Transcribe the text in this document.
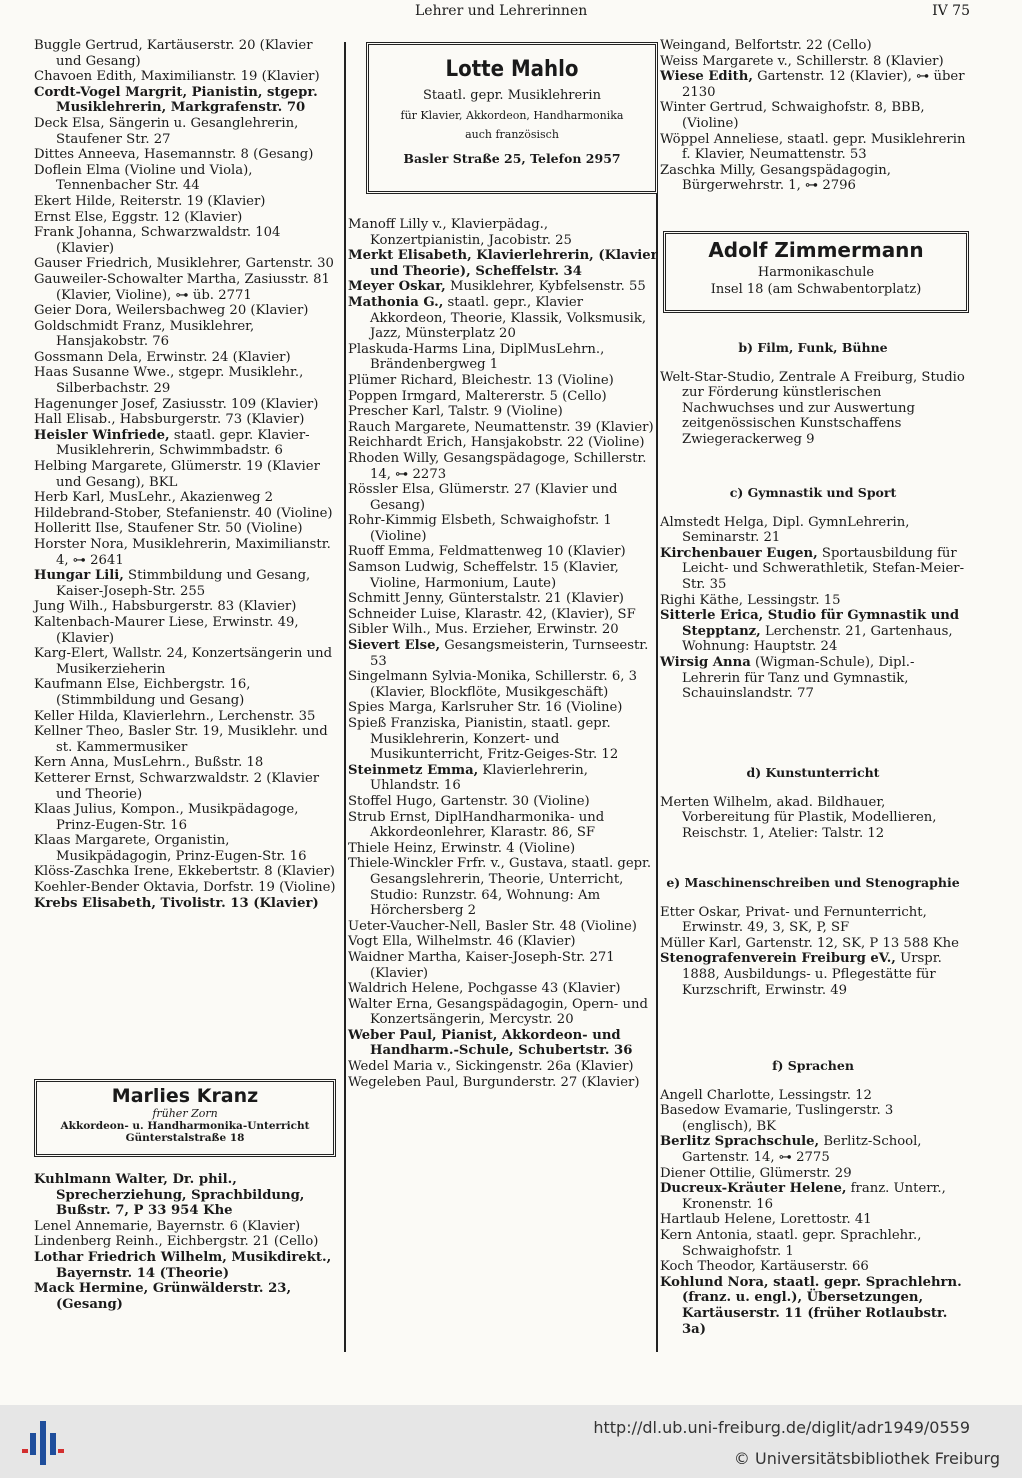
Lehrer und Lehrerinnen	IV 75
Buggle Gertrud, Kartäuserstr. 20 (Klavier und Gesang)
Chavoen Edith, Maximilianstr. 19 (Klavier)
Cordt-Vogel Margrit, Pianistin, stgepr. Musiklehrerin, Markgrafenstr. 70
Deck Elsa, Sängerin u. Gesanglehrerin, Staufener Str. 27
Dittes Anneeva, Hasemannstr. 8 (Gesang)
Doflein Elma (Violine und Viola), Tennenbacher Str. 44
Ekert Hilde, Reiterstr. 19 (Klavier)
Ernst Else, Eggstr. 12 (Klavier)
Frank Johanna, Schwarzwaldstr. 104 (Klavier)
Gauser Friedrich, Musiklehrer, Gartenstr. 30
Gauweiler-Schowalter Martha, Zasiusstr. 81 (Klavier, Violine), ⊶ üb. 2771
Geier Dora, Weilersbachweg 20 (Klavier)
Goldschmidt Franz, Musiklehrer, Hansjakobstr. 76
Gossmann Dela, Erwinstr. 24 (Klavier)
Haas Susanne Wwe., stgepr. Musiklehr., Silberbachstr. 29
Hagenunger Josef, Zasiusstr. 109 (Klavier)
Hall Elisab., Habsburgerstr. 73 (Klavier)
Heisler Winfriede, staatl. gepr. Klavier-Musiklehrerin, Schwimmbadstr. 6
Helbing Margarete, Glümerstr. 19 (Klavier und Gesang), BKL
Herb Karl, MusLehr., Akazienweg 2
Hildebrand-Stober, Stefanienstr. 40 (Violine)
Holleritt Ilse, Staufener Str. 50 (Violine)
Horster Nora, Musiklehrerin, Maximilianstr. 4, ⊶ 2641
Hungar Lili, Stimmbildung und Gesang, Kaiser-Joseph-Str. 255
Jung Wilh., Habsburgerstr. 83 (Klavier)
Kaltenbach-Maurer Liese, Erwinstr. 49, (Klavier)
Karg-Elert, Wallstr. 24, Konzertsängerin und Musikerzieherin
Kaufmann Else, Eichbergstr. 16, (Stimmbildung und Gesang)
Keller Hilda, Klavierlehrn., Lerchenstr. 35
Kellner Theo, Basler Str. 19, Musiklehr. und st. Kammermusiker
Kern Anna, MusLehrn., Bußstr. 18
Ketterer Ernst, Schwarzwaldstr. 2 (Klavier und Theorie)
Klaas Julius, Kompon., Musikpädagoge, Prinz-Eugen-Str. 16
Klaas Margarete, Organistin, Musikpädagogin, Prinz-Eugen-Str. 16
Klöss-Zaschka Irene, Ekkebertstr. 8 (Klavier)
Koehler-Bender Oktavia, Dorfstr. 19 (Violine)
Krebs Elisabeth, Tivolistr. 13 (Klavier)
Kuhlmann Walter, Dr. phil., Sprecherziehung, Sprachbildung, Bußstr. 7, P 33 954 Khe
Lenel Annemarie, Bayernstr. 6 (Klavier)
Lindenberg Reinh., Eichbergstr. 21 (Cello)
Lothar Friedrich Wilhelm, Musikdirekt., Bayernstr. 14 (Theorie)
Mack Hermine, Grünwälderstr. 23, (Gesang)
Marlies Kranz
früher Zorn
Akkordeon- u. Handharmonika-Unterricht
Günterstalstraße 18
Lotte Mahlo
Staatl. gepr. Musiklehrerin
für Klavier, Akkordeon, Handharmonika
auch französisch
Basler Straße 25, Telefon 2957
Manoff Lilly v., Klavierpädag., Konzertpianistin, Jacobistr. 25
Merkt Elisabeth, Klavierlehrerin, (Klavier und Theorie), Scheffelstr. 34
Meyer Oskar, Musiklehrer, Kybfelsenstr. 55
Mathonia G., staatl. gepr., Klavier Akkordeon, Theorie, Klassik, Volksmusik, Jazz, Münsterplatz 20
Plaskuda-Harms Lina, DiplMusLehrn., Brändenbergweg 1
Plümer Richard, Bleichestr. 13 (Violine)
Poppen Irmgard, Maltererstr. 5 (Cello)
Prescher Karl, Talstr. 9 (Violine)
Rauch Margarete, Neumattenstr. 39 (Klavier)
Reichhardt Erich, Hansjakobstr. 22 (Violine)
Rhoden Willy, Gesangspädagoge, Schillerstr. 14, ⊶ 2273
Rössler Elsa, Glümerstr. 27 (Klavier und Gesang)
Rohr-Kimmig Elsbeth, Schwaighofstr. 1 (Violine)
Ruoff Emma, Feldmattenweg 10 (Klavier)
Samson Ludwig, Scheffelstr. 15 (Klavier, Violine, Harmonium, Laute)
Schmitt Jenny, Günterstalstr. 21 (Klavier)
Schneider Luise, Klarastr. 42, (Klavier), SF
Sibler Wilh., Mus. Erzieher, Erwinstr. 20
Sievert Else, Gesangsmeisterin, Turnseestr. 53
Singelmann Sylvia-Monika, Schillerstr. 6, 3 (Klavier, Blockflöte, Musikgeschäft)
Spies Marga, Karlsruher Str. 16 (Violine)
Spieß Franziska, Pianistin, staatl. gepr. Musiklehrerin, Konzert- und Musikunterricht, Fritz-Geiges-Str. 12
Steinmetz Emma, Klavierlehrerin, Uhlandstr. 16
Stoffel Hugo, Gartenstr. 30 (Violine)
Strub Ernst, DiplHandharmonika- und Akkordeonlehrer, Klarastr. 86, SF
Thiele Heinz, Erwinstr. 4 (Violine)
Thiele-Winckler Frfr. v., Gustava, staatl. gepr. Gesangslehrerin, Theorie, Unterricht, Studio: Runzstr. 64, Wohnung: Am Hörchersberg 2
Ueter-Vaucher-Nell, Basler Str. 48 (Violine)
Vogt Ella, Wilhelmstr. 46 (Klavier)
Waidner Martha, Kaiser-Joseph-Str. 271 (Klavier)
Waldrich Helene, Pochgasse 43 (Klavier)
Walter Erna, Gesangspädagogin, Opern- und Konzertsängerin, Mercystr. 20
Weber Paul, Pianist, Akkordeon- und Handharm.-Schule, Schubertstr. 36
Wedel Maria v., Sickingenstr. 26a (Klavier)
Wegeleben Paul, Burgunderstr. 27 (Klavier)
Weingand, Belfortstr. 22 (Cello)
Weiss Margarete v., Schillerstr. 8 (Klavier)
Wiese Edith, Gartenstr. 12 (Klavier), ⊶ über 2130
Winter Gertrud, Schwaighofstr. 8, BBB, (Violine)
Wöppel Anneliese, staatl. gepr. Musiklehrerin f. Klavier, Neumattenstr. 53
Zaschka Milly, Gesangspädagogin, Bürgerwehrstr. 1, ⊶ 2796
Adolf Zimmermann
Harmonikaschule
Insel 18 (am Schwabentorplatz)
b) Film, Funk, Bühne
Welt-Star-Studio, Zentrale A Freiburg, Studio zur Förderung künstlerischen Nachwuchses und zur Auswertung zeitgenössischen Kunstschaffens Zwiegerackerweg 9
c) Gymnastik und Sport
Almstedt Helga, Dipl. GymnLehrerin, Seminarstr. 21
Kirchenbauer Eugen, Sportausbildung für Leicht- und Schwerathletik, Stefan-Meier-Str. 35
Righi Käthe, Lessingstr. 15
Sitterle Erica, Studio für Gymnastik und Stepptanz, Lerchenstr. 21, Gartenhaus, Wohnung: Hauptstr. 24
Wirsig Anna (Wigman-Schule), Dipl.-Lehrerin für Tanz und Gymnastik, Schauinslandstr. 77
d) Kunstunterricht
Merten Wilhelm, akad. Bildhauer, Vorbereitung für Plastik, Modellieren, Reischstr. 1, Atelier: Talstr. 12
e) Maschinenschreiben und Stenographie
Etter Oskar, Privat- und Fernunterricht, Erwinstr. 49, 3, SK, P, SF
Müller Karl, Gartenstr. 12, SK, P 13 588 Khe
Stenografenverein Freiburg eV., Urspr. 1888, Ausbildungs- u. Pflegestätte für Kurzschrift, Erwinstr. 49
f) Sprachen
Angell Charlotte, Lessingstr. 12
Basedow Evamarie, Tuslingerstr. 3 (englisch), BK
Berlitz Sprachschule, Berlitz-School, Gartenstr. 14, ⊶ 2775
Diener Ottilie, Glümerstr. 29
Ducreux-Kräuter Helene, franz. Unterr., Kronenstr. 16
Hartlaub Helene, Lorettostr. 41
Kern Antonia, staatl. gepr. Sprachlehr., Schwaighofstr. 1
Koch Theodor, Kartäuserstr. 66
Kohlund Nora, staatl. gepr. Sprachlehrn. (franz. u. engl.), Übersetzungen, Kartäuserstr. 11 (früher Rotlaubstr. 3a)
http://dl.ub.uni-freiburg.de/diglit/adr1949/0559
© Universitätsbibliothek Freiburg
